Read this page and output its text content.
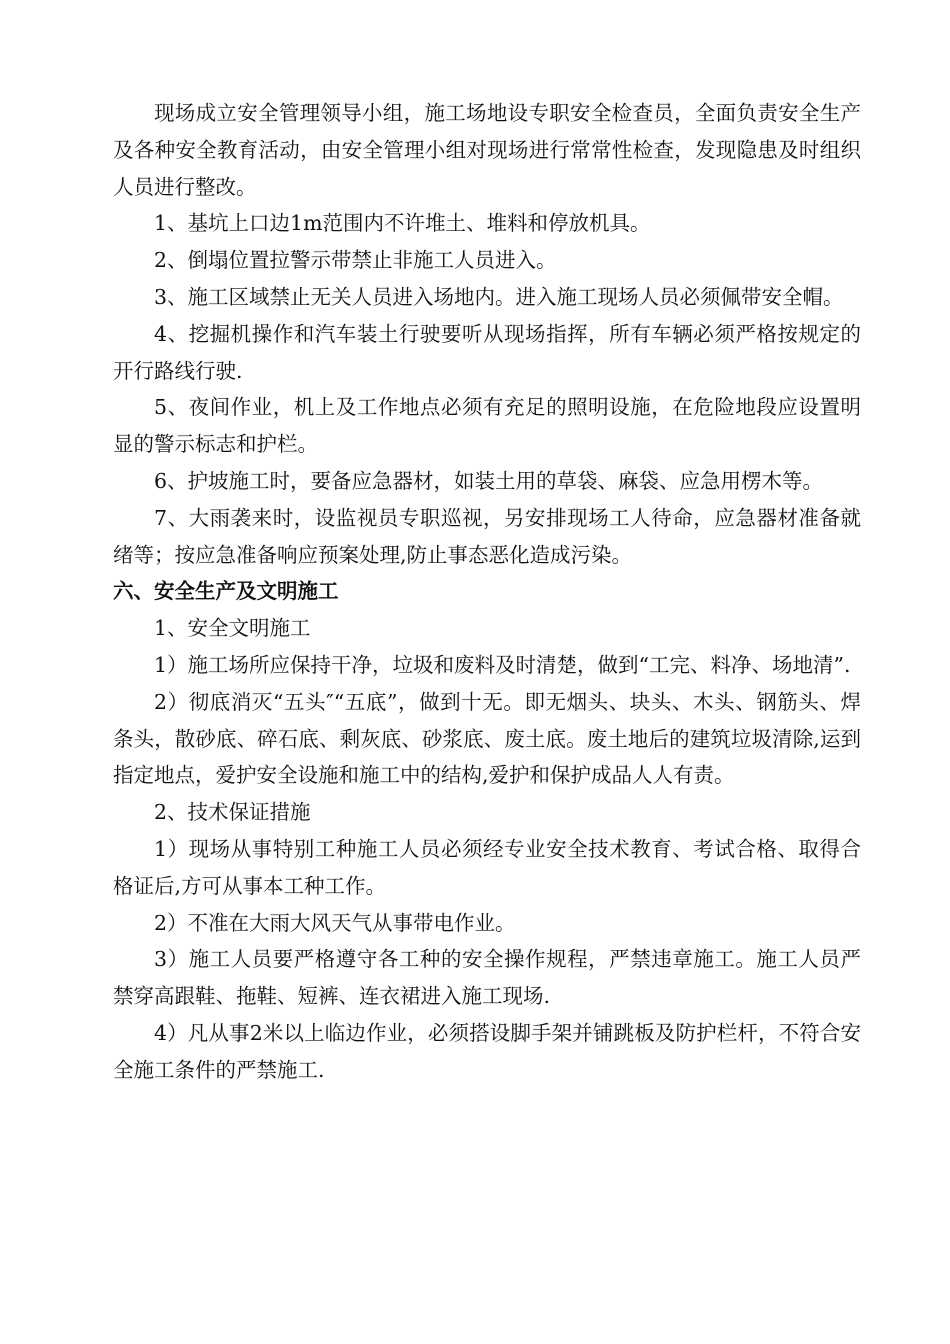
现场成立安全管理领导小组，施工场地设专职安全检查员，全面负责安全生产及各种安全教育活动，由安全管理小组对现场进行常常性检查，发现隐患及时组织人员进行整改。

1、基坑上口边1m范围内不许堆土、堆料和停放机具。

2、倒塌位置拉警示带禁止非施工人员进入。

3、施工区域禁止无关人员进入场地内。进入施工现场人员必须佩带安全帽。

4、挖掘机操作和汽车装土行驶要听从现场指挥，所有车辆必须严格按规定的开行路线行驶.

5、夜间作业，机上及工作地点必须有充足的照明设施，在危险地段应设置明显的警示标志和护栏。

6、护坡施工时，要备应急器材，如装土用的草袋、麻袋、应急用楞木等。

7、大雨袭来时，设监视员专职巡视，另安排现场工人待命，应急器材准备就绪等；按应急准备响应预案处理,防止事态恶化造成污染。

六、安全生产及文明施工

1、安全文明施工

1）施工场所应保持干净，垃圾和废料及时清楚，做到“工完、料净、场地清”.

2）彻底消灭“五头″“五底”，做到十无。即无烟头、块头、木头、钢筋头、焊条头，散砂底、碎石底、剩灰底、砂浆底、废土底。废土地后的建筑垃圾清除,运到指定地点，爱护安全设施和施工中的结构,爱护和保护成品人人有责。

2、技术保证措施

1）现场从事特别工种施工人员必须经专业安全技术教育、考试合格、取得合格证后,方可从事本工种工作。

2）不准在大雨大风天气从事带电作业。

3）施工人员要严格遵守各工种的安全操作规程，严禁违章施工。施工人员严禁穿高跟鞋、拖鞋、短裤、连衣裙进入施工现场.

4）凡从事2米以上临边作业，必须搭设脚手架并铺跳板及防护栏杆，不符合安全施工条件的严禁施工.
